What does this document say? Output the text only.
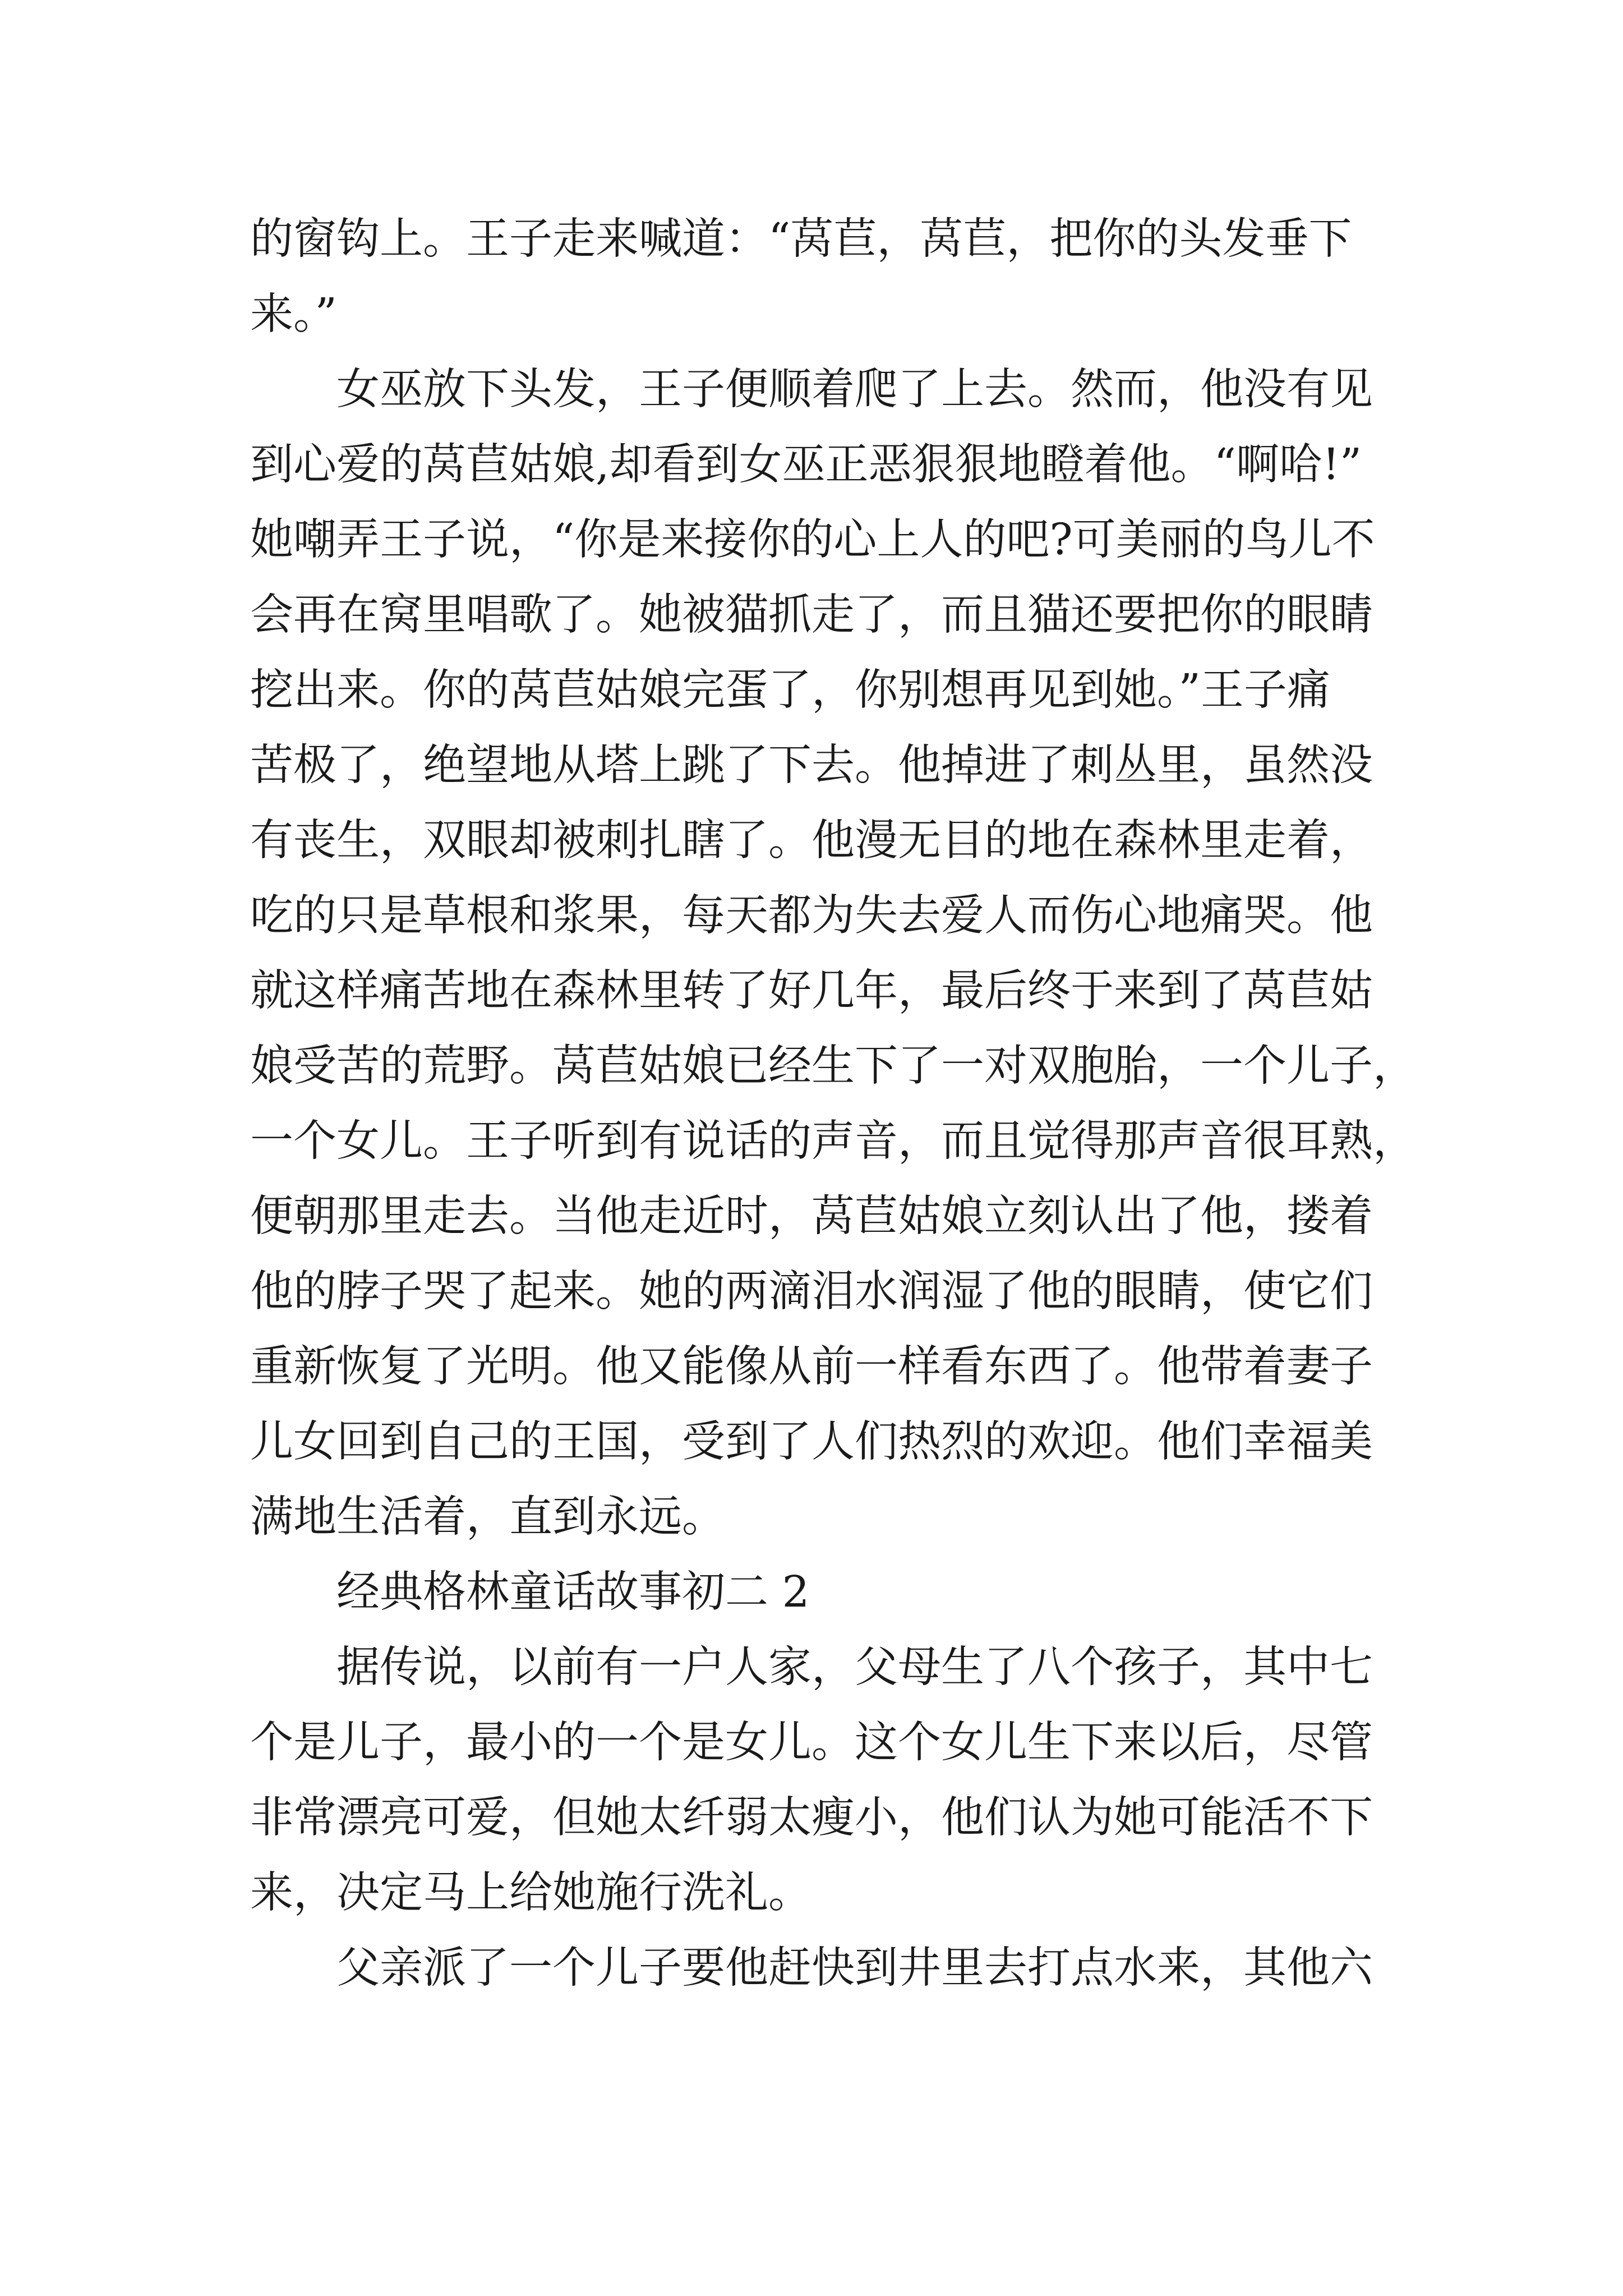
的窗钩上。王子走来喊道：“莴苣，莴苣，把你的头发垂下
来。”
女巫放下头发，王子便顺着爬了上去。然而，他没有见
到心爱的莴苣姑娘,却看到女巫正恶狠狠地瞪着他。“啊哈!”
她嘲弄王子说，“你是来接你的心上人的吧?可美丽的鸟儿不
会再在窝里唱歌了。她被猫抓走了，而且猫还要把你的眼睛
挖出来。你的莴苣姑娘完蛋了，你别想再见到她。”王子痛
苦极了，绝望地从塔上跳了下去。他掉进了刺丛里，虽然没
有丧生，双眼却被刺扎瞎了。他漫无目的地在森林里走着，
吃的只是草根和浆果，每天都为失去爱人而伤心地痛哭。他
就这样痛苦地在森林里转了好几年，最后终于来到了莴苣姑
娘受苦的荒野。莴苣姑娘已经生下了一对双胞胎，一个儿子，
一个女儿。王子听到有说话的声音，而且觉得那声音很耳熟，
便朝那里走去。当他走近时，莴苣姑娘立刻认出了他，搂着
他的脖子哭了起来。她的两滴泪水润湿了他的眼睛，使它们
重新恢复了光明。他又能像从前一样看东西了。他带着妻子
儿女回到自己的王国，受到了人们热烈的欢迎。他们幸福美
满地生活着，直到永远。
经典格林童话故事初二 2
据传说，以前有一户人家，父母生了八个孩子，其中七
个是儿子，最小的一个是女儿。这个女儿生下来以后，尽管
非常漂亮可爱，但她太纤弱太瘦小，他们认为她可能活不下
来，决定马上给她施行洗礼。
父亲派了一个儿子要他赶快到井里去打点水来，其他六
